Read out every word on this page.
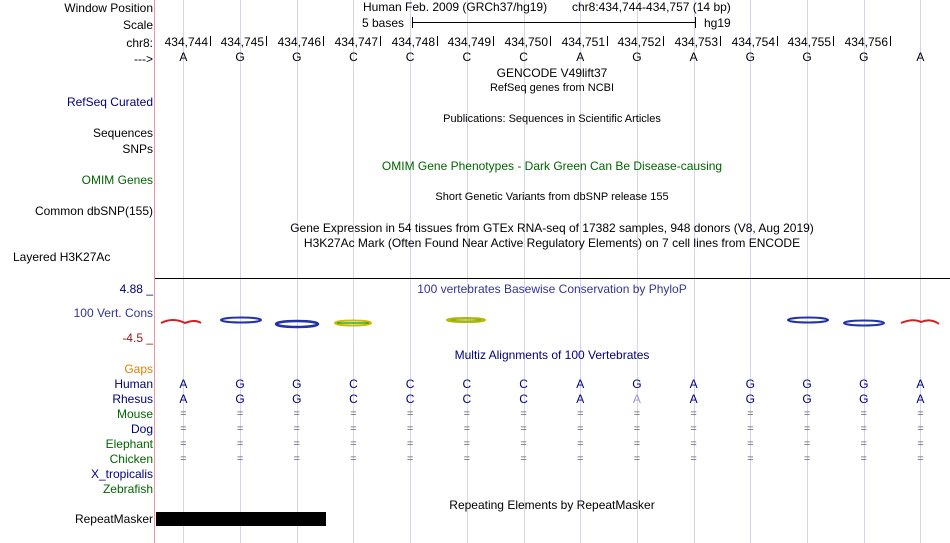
Window Position	Human Feb. 2009 (GRCh37/hg19) chr8:434,744-434,757 (14 bp)
Scale	5 bases	hg19
chr8: 434,744 434,745 434,746 434,747 434,748 434,749 434,750 434,751 434,752 434,753 434,754 434,755 434,756
---> A	G	G	C	C	C	C	A	G	A	G	G	G	A
GENCODE V49lift37
RefSeq genes from NCBI
RefSeq Curated
Publications: Sequences in Scientific Articles
Sequences
SNPs
OMIM Gene Phenotypes - Dark Green Can Be Disease-causing
OMIM Genes
Short Genetic Variants from dbSNP release 155
Common dbSNP(155)
Gene Expression in 54 tissues from GTEx RNA-seq of 17382 samples, 948 donors (V8, Aug 2019)
H3K27Ac Mark (Often Found Near Active Regulatory Elements) on 7 cell lines from ENCODE
Layered H3K27Ac
4.88 _	100 vertebrates Basewise Conservation by PhyloP
100 Vert. Cons
-4.5 _
Multiz Alignments of 100 Vertebrates
Gaps
Human A	G	G	C	C	C	C	A	G	A	G	G	G	A
Rhesus A	G	G	C	C	C	C	A	A	A	G	G	G	A
Mouse =	=	=	=	=	=	=	=	=	=	=	=	=	=
Dog =	=	=	=	=	=	=	=	=	=	=	=	=	=
Elephant =	=	=	=	=	=	=	=	=	=	=	=	=	=
Chicken =	=	=	=	=	=	=	=	=	=	=	=	=	=
X_tropicalis
Zebrafish
Repeating Elements by RepeatMasker
RepeatMasker
